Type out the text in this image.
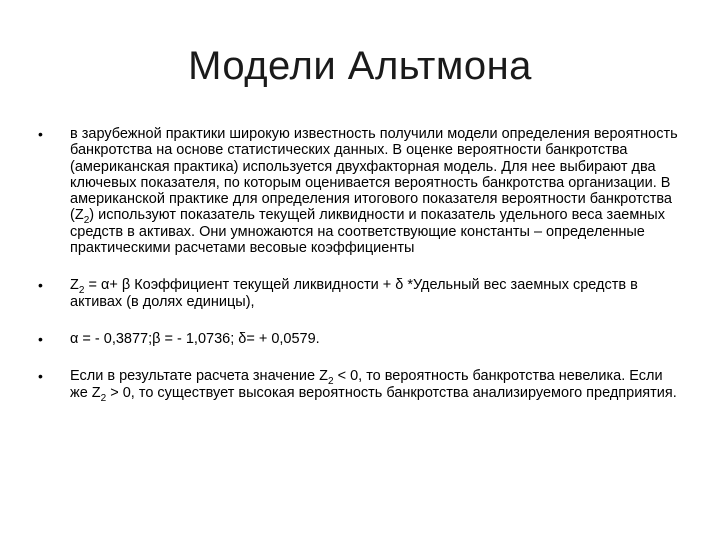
Модели Альтмона
• в зарубежной практики широкую известность получили модели определения вероятность банкротства на основе статистических данных. В оценке вероятности банкротства (американская практика) используется двухфакторная модель. Для нее выбирают два ключевых показателя, по которым оценивается вероятность банкротства организации. В американской практике для определения итогового показателя вероятности банкротства $(Z_2)$ используют показатель текущей ликвидности и показатель удельного веса заемных средств в активах. Они умножаются на соответствующие константы – определенные практическими расчетами весовые коэффициенты
• $Z_2 = \alpha+ \beta$ Коэффициент текущей ликвидности + δ *Удельный вес заемных средств в активах (в долях единицы),
• α = - 0,3877;β = - 1,0736; δ= + 0,0579.
• Если в результате расчета значение $Z_2 < 0$, то вероятность банкротства невелика. Если же $Z_2 > 0$, то существует высокая вероятность банкротства анализируемого предприятия.
